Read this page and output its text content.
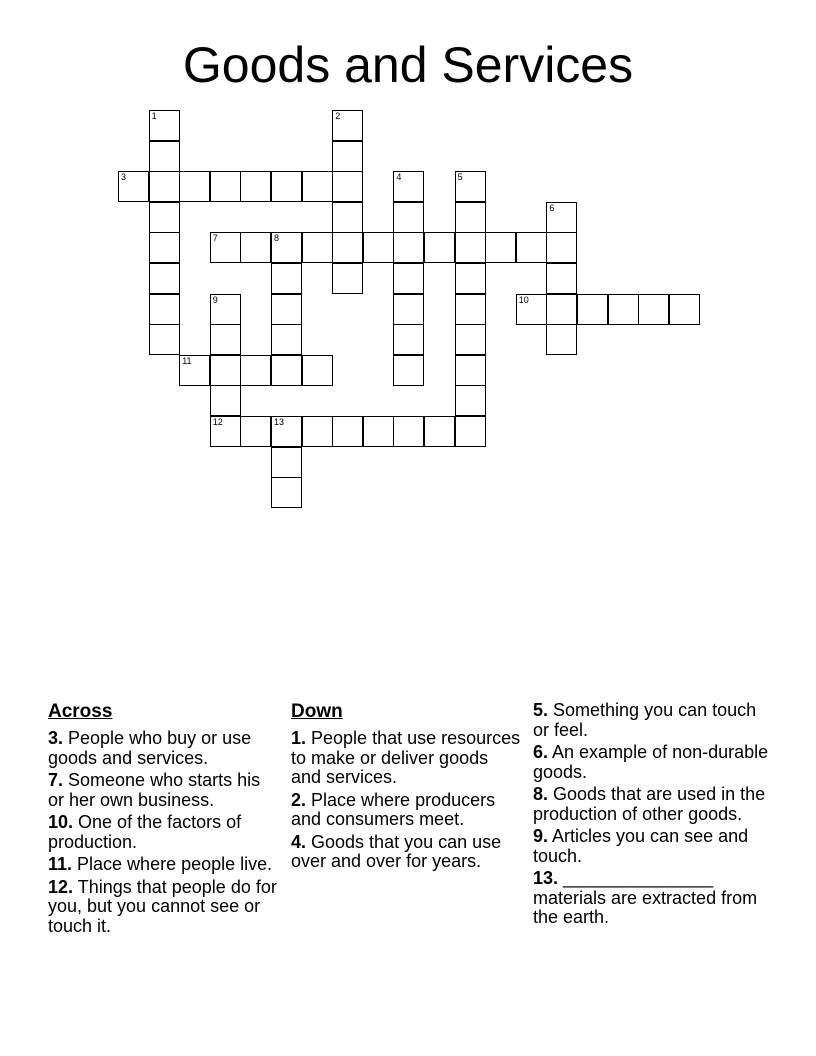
Goods and Services
3
7	8
10
11
12	13
1	2
4	5
6
9
Across
3. People who buy or use goods and services.
7. Someone who starts his or her own business.
10. One of the factors of production.
11. Place where people live.
12. Things that people do for you, but you cannot see or touch it.
Down
1. People that use resources to make or deliver goods and services.
2. Place where producers and consumers meet.
4. Goods that you can use over and over for years.
5. Something you can touch or feel.
6. An example of non-durable goods.
8. Goods that are used in the production of other goods.
9. Articles you can see and touch.
13. _______________ materials are extracted from the earth.
